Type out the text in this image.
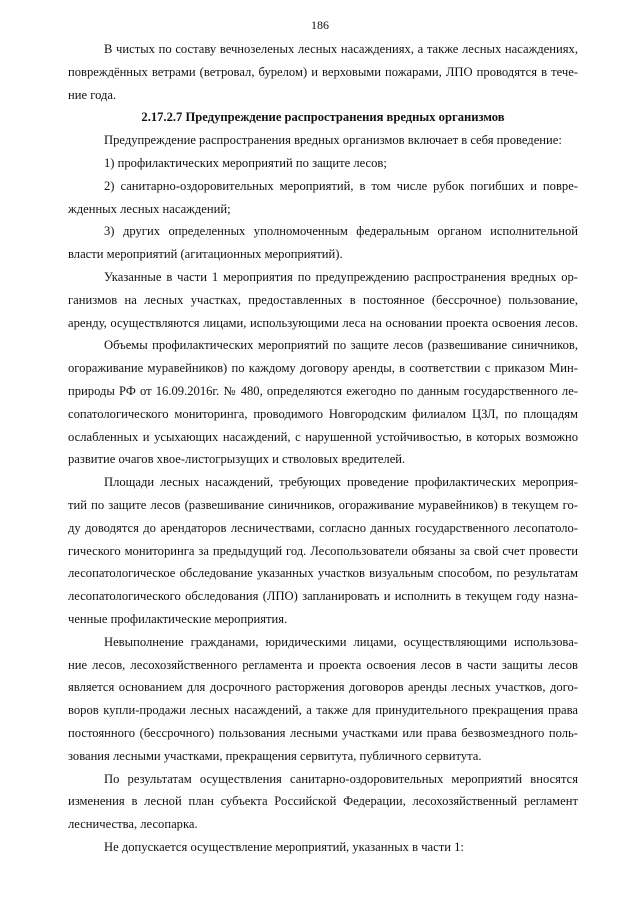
186
В чистых по составу вечнозеленых лесных насаждениях, а также лесных насаждениях,
повреждённых ветрами (ветровал, бурелом) и верховыми пожарами, ЛПО проводятся в тече-
ние года.
2.17.2.7 Предупреждение распространения вредных организмов
Предупреждение распространения вредных организмов включает в себя проведение:
1) профилактических мероприятий по защите лесов;
2) санитарно-оздоровительных мероприятий, в том числе рубок погибших и повре-
жденных лесных насаждений;
3) других определенных уполномоченным федеральным органом исполнительной
власти мероприятий (агитационных мероприятий).
Указанные в части 1 мероприятия по предупреждению распространения вредных ор-
ганизмов на лесных участках, предоставленных в постоянное (бессрочное) пользование,
аренду, осуществляются лицами, использующими леса на основании проекта освоения лесов.
Объемы профилактических мероприятий по защите лесов (развешивание синичников,
огораживание муравейников) по каждому договору аренды, в соответствии с приказом Мин-
природы РФ от 16.09.2016г. № 480, определяются ежегодно по данным государственного ле-
сопатологического мониторинга, проводимого Новгородским филиалом ЦЗЛ, по площадям
ослабленных и усыхающих насаждений, с нарушенной устойчивостью, в которых возможно
развитие очагов хвое-листогрызущих и стволовых вредителей.
Площади лесных насаждений, требующих проведение профилактических мероприя-
тий по защите лесов (развешивание синичников, огораживание муравейников) в текущем го-
ду доводятся до арендаторов лесничествами, согласно данных государственного лесопатоло-
гического мониторинга за предыдущий год. Лесопользователи обязаны за свой счет провести
лесопатологическое обследование указанных участков визуальным способом, по результатам
лесопатологического обследования (ЛПО) запланировать и исполнить в текущем году назна-
ченные профилактические мероприятия.
Невыполнение гражданами, юридическими лицами, осуществляющими использова-
ние лесов, лесохозяйственного регламента и проекта освоения лесов в части защиты лесов
является основанием для досрочного расторжения договоров аренды лесных участков, дого-
воров купли-продажи лесных насаждений, а также для принудительного прекращения права
постоянного (бессрочного) пользования лесными участками или права безвозмездного поль-
зования лесными участками, прекращения сервитута, публичного сервитута.
По результатам осуществления санитарно-оздоровительных мероприятий вносятся
изменения в лесной план субъекта Российской Федерации, лесохозяйственный регламент
лесничества, лесопарка.
Не допускается осуществление мероприятий, указанных в части 1:
